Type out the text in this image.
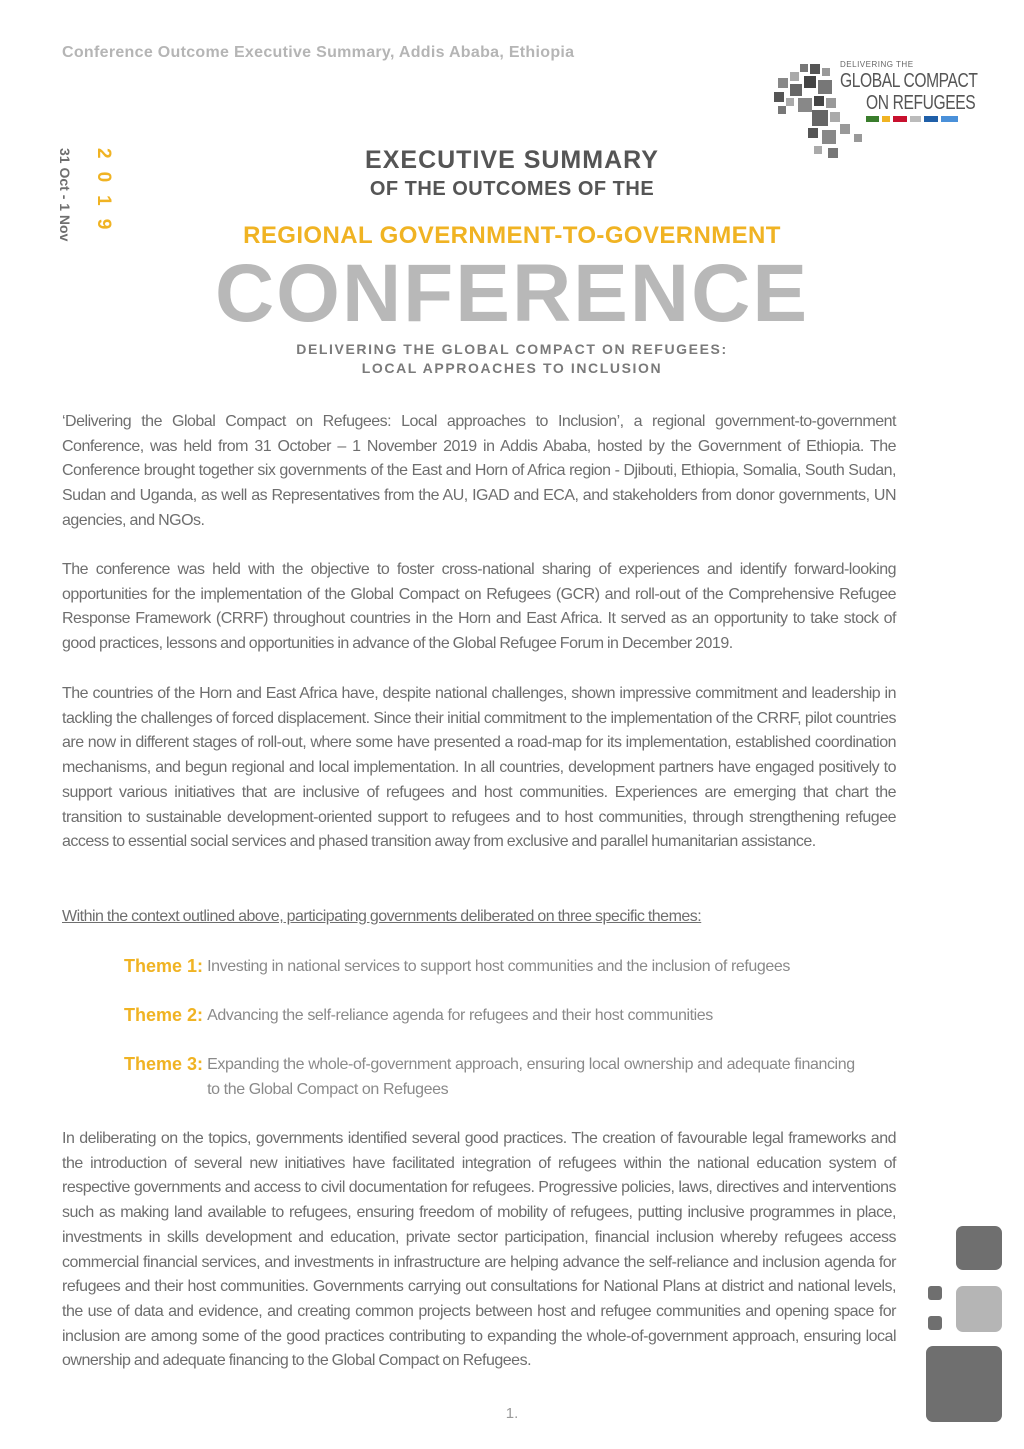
Conference Outcome Executive Summary, Addis Ababa, Ethiopia
DELIVERING THE
GLOBAL COMPACT
ON REFUGEES
2019
31 Oct - 1 Nov	EXECUTIVE SUMMARY
OF THE OUTCOMES OF THE
REGIONAL GOVERNMENT-TO-GOVERNMENT
CONFERENCE
DELIVERING THE GLOBAL COMPACT ON REFUGEES:
LOCAL APPROACHES TO INCLUSION
‘Delivering the Global Compact on Refugees: Local approaches to Inclusion’, a regional government-to-government Conference, was held from 31 October – 1 November 2019 in Addis Ababa, hosted by the Government of Ethiopia. The Conference brought together six governments of the East and Horn of Africa region - Djibouti, Ethiopia, Somalia, South Sudan, Sudan and Uganda, as well as Representatives from the AU, IGAD and ECA, and stakeholders from donor governments, UN agencies, and NGOs.
The conference was held with the objective to foster cross-national sharing of experiences and identify forward-looking opportunities for the implementation of the Global Compact on Refugees (GCR) and roll-out of the Comprehensive Refugee Response Framework (CRRF) throughout countries in the Horn and East Africa. It served as an opportunity to take stock of good practices, lessons and opportunities in advance of the Global Refugee Forum in December 2019.
The countries of the Horn and East Africa have, despite national challenges, shown impressive commitment and leadership in tackling the challenges of forced displacement. Since their initial commitment to the implementation of the CRRF, pilot countries are now in different stages of roll-out, where some have presented a road-map for its implementation, established coordination mechanisms, and begun regional and local implementation. In all countries, development partners have engaged positively to support various initiatives that are inclusive of refugees and host communities. Experiences are emerging that chart the transition to sustainable development-oriented support to refugees and to host communities, through strengthening refugee access to essential social services and phased transition away from exclusive and parallel humanitarian assistance.
Within the context outlined above, participating governments deliberated on three specific themes:
Theme 1: Investing in national services to support host communities and the inclusion of refugees
Theme 2: Advancing the self-reliance agenda for refugees and their host communities
Theme 3: Expanding the whole-of-government approach, ensuring local ownership and adequate financing to the Global Compact on Refugees
In deliberating on the topics, governments identified several good practices. The creation of favourable legal frameworks and the introduction of several new initiatives have facilitated integration of refugees within the national education system of respective governments and access to civil documentation for refugees. Progressive policies, laws, directives and interventions such as making land available to refugees, ensuring freedom of mobility of refugees, putting inclusive programmes in place, investments in skills development and education, private sector participation, financial inclusion whereby refugees access commercial financial services, and investments in infrastructure are helping advance the self-reliance and inclusion agenda for refugees and their host communities. Governments carrying out consultations for National Plans at district and national levels, the use of data and evidence, and creating common projects between host and refugee communities and opening space for inclusion are among some of the good practices contributing to expanding the whole-of-government approach, ensuring local ownership and adequate financing to the Global Compact on Refugees.
1.
